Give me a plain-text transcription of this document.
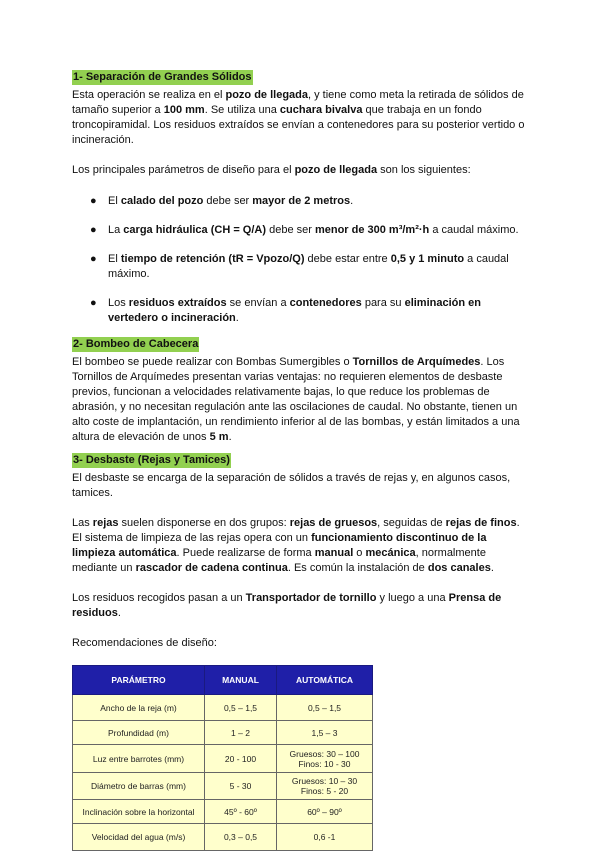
1- Separación de Grandes Sólidos

Esta operación se realiza en el pozo de llegada, y tiene como meta la retirada de sólidos de tamaño superior a 100 mm. Se utiliza una cuchara bivalva que trabaja en un fondo troncopiramidal. Los residuos extraídos se envían a contenedores para su posterior vertido o incineración.

Los principales parámetros de diseño para el pozo de llegada son los siguientes:

● El calado del pozo debe ser mayor de 2 metros.
● La carga hidráulica (CH = Q/A) debe ser menor de 300 m³/m²·h a caudal máximo.
● El tiempo de retención (tR = Vpozo/Q) debe estar entre 0,5 y 1 minuto a caudal máximo.
● Los residuos extraídos se envían a contenedores para su eliminación en vertedero o incineración.
2- Bombeo de Cabecera

El bombeo se puede realizar con Bombas Sumergibles o Tornillos de Arquímedes. Los Tornillos de Arquímedes presentan varias ventajas: no requieren elementos de desbaste previos, funcionan a velocidades relativamente bajas, lo que reduce los problemas de abrasión, y no necesitan regulación ante las oscilaciones de caudal. No obstante, tienen un alto coste de implantación, un rendimiento inferior al de las bombas, y están limitados a una altura de elevación de unos 5 m.

3- Desbaste (Rejas y Tamices)

El desbaste se encarga de la separación de sólidos a través de rejas y, en algunos casos, tamices.

Las rejas suelen disponerse en dos grupos: rejas de gruesos, seguidas de rejas de finos. El sistema de limpieza de las rejas opera con un funcionamiento discontinuo de la limpieza automática. Puede realizarse de forma manual o mecánica, normalmente mediante un rascador de cadena continua. Es común la instalación de dos canales.

Los residuos recogidos pasan a un Transportador de tornillo y luego a una Prensa de residuos.

Recomendaciones de diseño:

PARÁMETRO	MANUAL	AUTOMÁTICA
Ancho de la reja (m)	0,5 – 1,5	0,5 – 1,5
Profundidad (m)	1 – 2	1,5 – 3
Luz entre barrotes (mm)	20 - 100	Gruesos: 30 – 100
Finos: 10 - 30
Diámetro de barras (mm)	5 - 30	Gruesos: 10 – 30
Finos: 5 - 20
Inclinación sobre la horizontal	45º - 60º	60º – 90º
Velocidad del agua (m/s)	0,3 – 0,5	0,6 -1
